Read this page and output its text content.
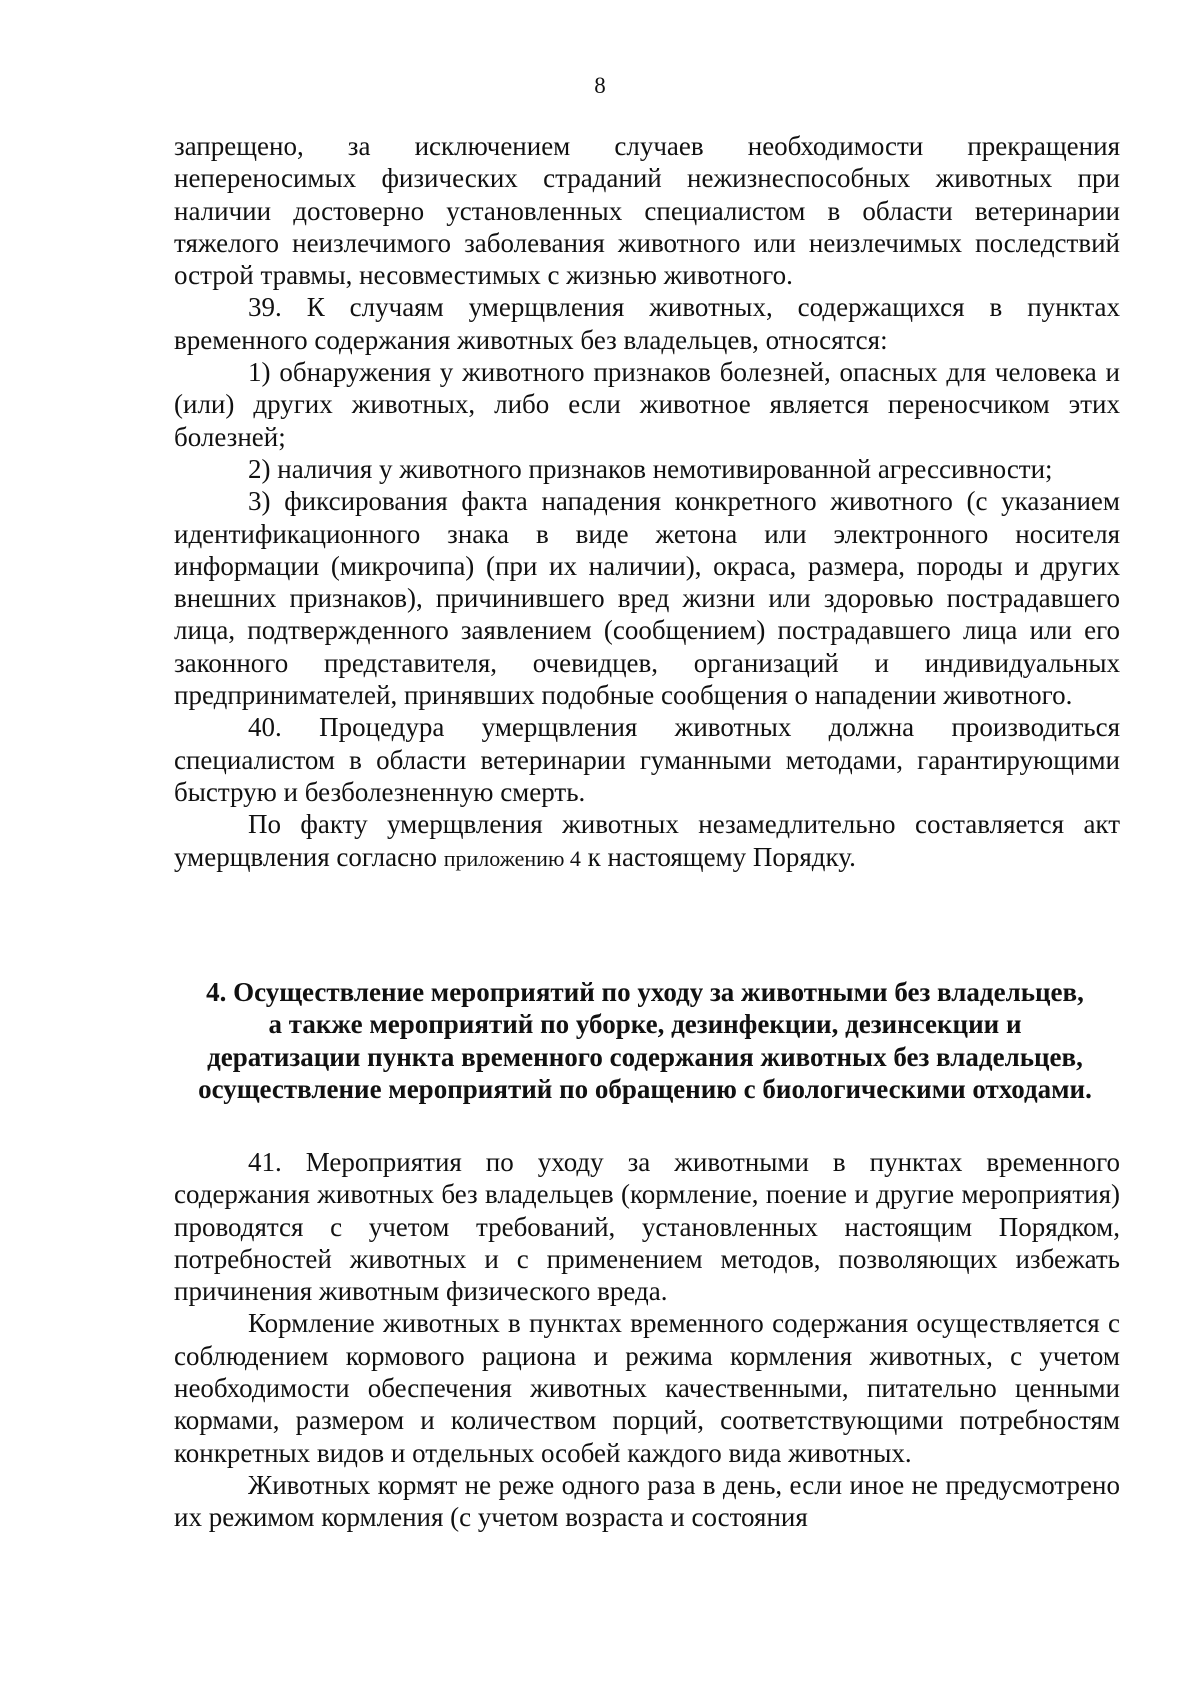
8

запрещено, за исключением случаев необходимости прекращения непереносимых физических страданий нежизнеспособных животных при наличии достоверно установленных специалистом в области ветеринарии тяжелого неизлечимого заболевания животного или неизлечимых последствий острой травмы, несовместимых с жизнью животного.

39. К случаям умерщвления животных, содержащихся в пунктах временного содержания животных без владельцев, относятся:

1) обнаружения у животного признаков болезней, опасных для человека и (или) других животных, либо если животное является переносчиком этих болезней;

2) наличия у животного признаков немотивированной агрессивности;

3) фиксирования факта нападения конкретного животного (с указанием идентификационного знака в виде жетона или электронного носителя информации (микрочипа) (при их наличии), окраса, размера, породы и других внешних признаков), причинившего вред жизни или здоровью пострадавшего лица, подтвержденного заявлением (сообщением) пострадавшего лица или его законного представителя, очевидцев, организаций и индивидуальных предпринимателей, принявших подобные сообщения о нападении животного.

40. Процедура умерщвления животных должна производиться специалистом в области ветеринарии гуманными методами, гарантирующими быструю и безболезненную смерть.

По факту умерщвления животных незамедлительно составляется акт умерщвления согласно приложению 4 к настоящему Порядку.

4. Осуществление мероприятий по уходу за животными без владельцев,
а также мероприятий по уборке, дезинфекции, дезинсекции и
дератизации пункта временного содержания животных без владельцев,
осуществление мероприятий по обращению с биологическими отходами.

41. Мероприятия по уходу за животными в пунктах временного содержания животных без владельцев (кормление, поение и другие мероприятия) проводятся с учетом требований, установленных настоящим Порядком, потребностей животных и с применением методов, позволяющих избежать причинения животным физического вреда.

Кормление животных в пунктах временного содержания осуществляется с соблюдением кормового рациона и режима кормления животных, с учетом необходимости обеспечения животных качественными, питательно ценными кормами, размером и количеством порций, соответствующими потребностям конкретных видов и отдельных особей каждого вида животных.

Животных кормят не реже одного раза в день, если иное не предусмотрено их режимом кормления (с учетом возраста и состояния
